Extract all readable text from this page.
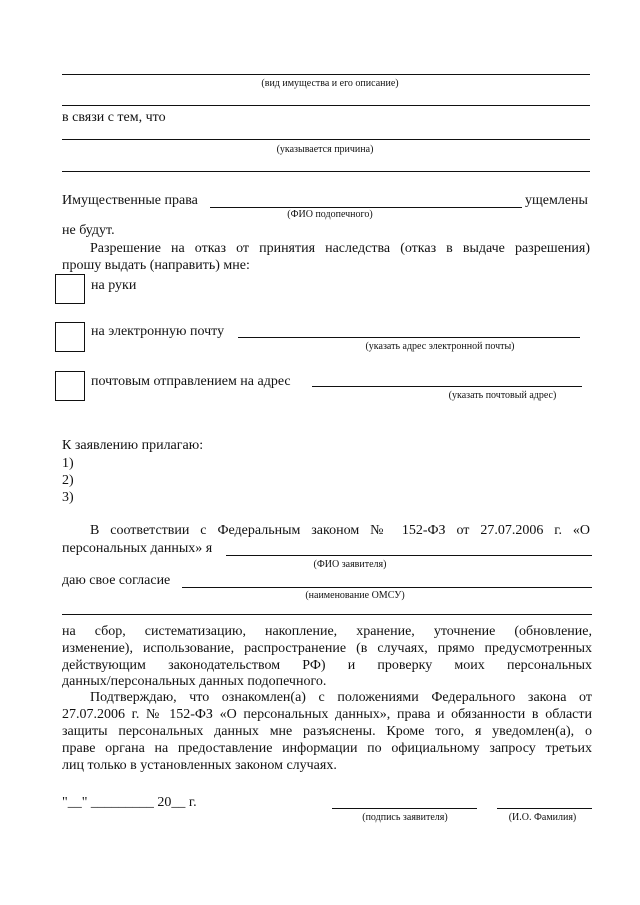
(вид имущества и его описание)
в связи с тем, что
(указывается причина)
Имущественные права	ущемлены
(ФИО подопечного)
не будут.
Разрешение на отказ от принятия наследства (отказ в выдаче разрешения)
прошу выдать (направить) мне:
на руки
на электронную почту
(указать адрес электронной почты)
почтовым отправлением на адрес
(указать почтовый адрес)
К заявлению прилагаю:
1)
2)
3)
В соответствии с Федеральным законом № 152-ФЗ от 27.07.2006 г. «О
персональных данных» я
(ФИО заявителя)
даю свое согласие
(наименование ОМСУ)
на сбор, систематизацию, накопление, хранение, уточнение (обновление,
изменение), использование, распространение (в случаях, прямо предусмотренных
действующим законодательством РФ) и проверку моих персональных
данных/персональных данных подопечного.
Подтверждаю, что ознакомлен(а) с положениями Федерального закона от
27.07.2006 г. № 152-ФЗ «О персональных данных», права и обязанности в области
защиты персональных данных мне разъяснены. Кроме того, я уведомлен(а), о
праве органа на предоставление информации по официальному запросу третьих
лиц только в установленных законом случаях.
"__" _________ 20__ г.
(подпись заявителя)	(И.О. Фамилия)
